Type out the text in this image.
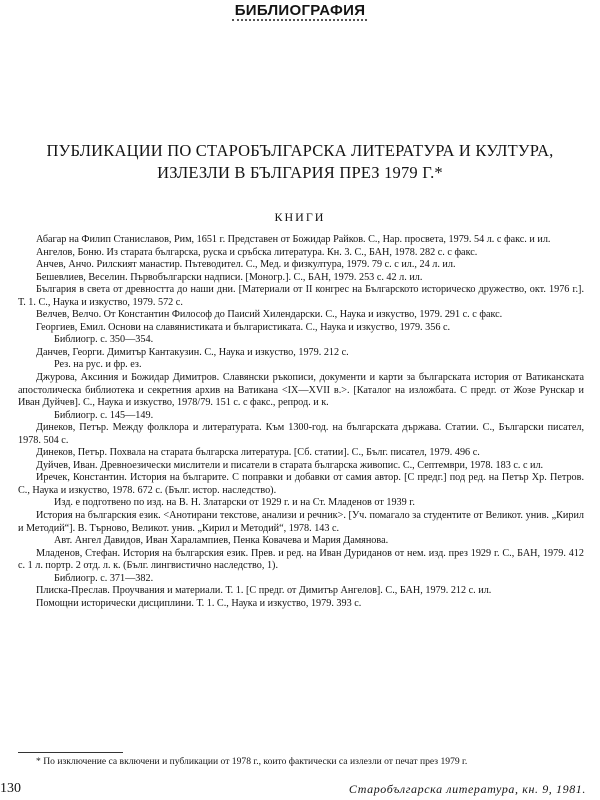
БИБЛИОГРАФИЯ
ПУБЛИКАЦИИ ПО СТАРОБЪЛГАРСКА ЛИТЕРАТУРА И КУЛТУРА,
ИЗЛЕЗЛИ В БЪЛГАРИЯ ПРЕЗ 1979 Г.*
КНИГИ

Абагар на Филип Станиславов, Рим, 1651 г. Представен от Божидар Райков. С., Нар. просвета, 1979. 54 л. с факс. и ил.

Ангелов, Боню. Из старата българска, руска и сръбска литература. Кн. 3. С., БАН, 1978. 282 с. с факс.

Анчев, Анчо. Рилският манастир. Пътеводител. С., Мед. и физкултура, 1979. 79 с. с ил., 24 л. ил.

Бешевлиев, Веселин. Първобългарски надписи. [Моногр.]. С., БАН, 1979. 253 с. 42 л. ил.

България в света от древността до наши дни. [Материали от II конгрес на Българското историческо дружество, окт. 1976 г.]. Т. 1. С., Наука и изкуство, 1979. 572 с.

Велчев, Велчо. От Константин Философ до Паисий Хилендарски. С., Наука и изкуство, 1979. 291 с. с факс.

Георгиев, Емил. Основи на славянистиката и българистиката. С., Наука и изкуство, 1979. 356 с.

Библиогр. с. 350—354.

Данчев, Георги. Димитър Кантакузин. С., Наука и изкуство, 1979. 212 с.

Рез. на рус. и фр. ез.

Джурова, Аксиния и Божидар Димитров. Славянски ръкописи, документи и карти за българската история от Ватиканската апостолическа библиотека и секретния архив на Ватикана <IX—XVII в.>. [Каталог на изложбата. С предг. от Жозе Рунскар и Иван Дуйчев]. С., Наука и изкуство, 1978/79. 151 с. с факс., репрод. и к.

Библиогр. с. 145—149.

Динеков, Петър. Между фолклора и литературата. Към 1300-год. на българската държава. Статии. С., Български писател, 1978. 504 с.

Динеков, Петър. Похвала на старата българска литература. [Сб. статии]. С., Бълг. писател, 1979. 496 с.

Дуйчев, Иван. Древноезически мислители и писатели в старата българска живопис. С., Септември, 1978. 183 с. с ил.

Иречек, Константин. История на българите. С поправки и добавки от самия автор. [С предг.] под ред. на Петър Хр. Петров. С., Наука и изкуство, 1978. 672 с. (Бълг. истор. наследство).

Изд. е подготвено по изд. на В. Н. Златарски от 1929 г. и на Ст. Младенов от 1939 г.

История на българския език. <Анотирани текстове, анализи и речник>. [Уч. помагало за студентите от Великот. унив. „Кирил и Методий“]. В. Търново, Великот. унив. „Кирил и Методий“, 1978. 143 с.

Авт. Ангел Давидов, Иван Харалампиев, Пенка Ковачева и Мария Дамянова.

Младенов, Стефан. История на българския език. Прев. и ред. на Иван Дуриданов от нем. изд. през 1929 г. С., БАН, 1979. 412 с. 1 л. портр. 2 отд. л. к. (Бълг. лингвистично наследство, 1).

Библиогр. с. 371—382.

Плиска-Преслав. Проучвания и материали. Т. 1. [С предг. от Димитър Ангелов]. С., БАН, 1979. 212 с. ил.

Помощни исторически дисциплини. Т. 1. С., Наука и изкуство, 1979. 393 с.

* По изключение са включени и публикации от 1978 г., които фактически са излезли от печат през 1979 г.
130	Старобългарска литература, кн. 9, 1981.
